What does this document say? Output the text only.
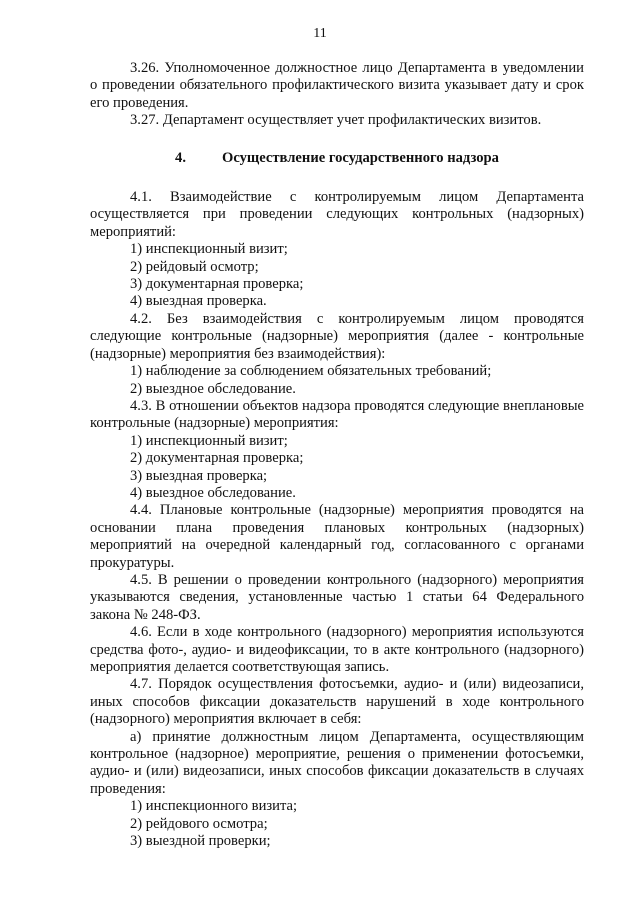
11

3.26. Уполномоченное должностное лицо Департамента в уведомлении о проведении обязательного профилактического визита указывает дату и срок его проведения.

3.27. Департамент осуществляет учет профилактических визитов.

4. Осуществление государственного надзора

4.1. Взаимодействие с контролируемым лицом Департамента осуществляется при проведении следующих контрольных (надзорных) мероприятий:

1) инспекционный визит;

2) рейдовый осмотр;

3) документарная проверка;

4) выездная проверка.

4.2. Без взаимодействия с контролируемым лицом проводятся следующие контрольные (надзорные) мероприятия (далее - контрольные (надзорные) мероприятия без взаимодействия):

1) наблюдение за соблюдением обязательных требований;

2) выездное обследование.

4.3. В отношении объектов надзора проводятся следующие внеплановые контрольные (надзорные) мероприятия:

1) инспекционный визит;

2) документарная проверка;

3) выездная проверка;

4) выездное обследование.

4.4. Плановые контрольные (надзорные) мероприятия проводятся на основании плана проведения плановых контрольных (надзорных) мероприятий на очередной календарный год, согласованного с органами прокуратуры.

4.5. В решении о проведении контрольного (надзорного) мероприятия указываются сведения, установленные частью 1 статьи 64 Федерального закона № 248-ФЗ.

4.6. Если в ходе контрольного (надзорного) мероприятия используются средства фото-, аудио- и видеофиксации, то в акте контрольного (надзорного) мероприятия делается соответствующая запись.

4.7. Порядок осуществления фотосъемки, аудио- и (или) видеозаписи, иных способов фиксации доказательств нарушений в ходе контрольного (надзорного) мероприятия включает в себя:

а) принятие должностным лицом Департамента, осуществляющим контрольное (надзорное) мероприятие, решения о применении фотосъемки, аудио- и (или) видеозаписи, иных способов фиксации доказательств в случаях проведения:

1) инспекционного визита;

2) рейдового осмотра;

3) выездной проверки;
